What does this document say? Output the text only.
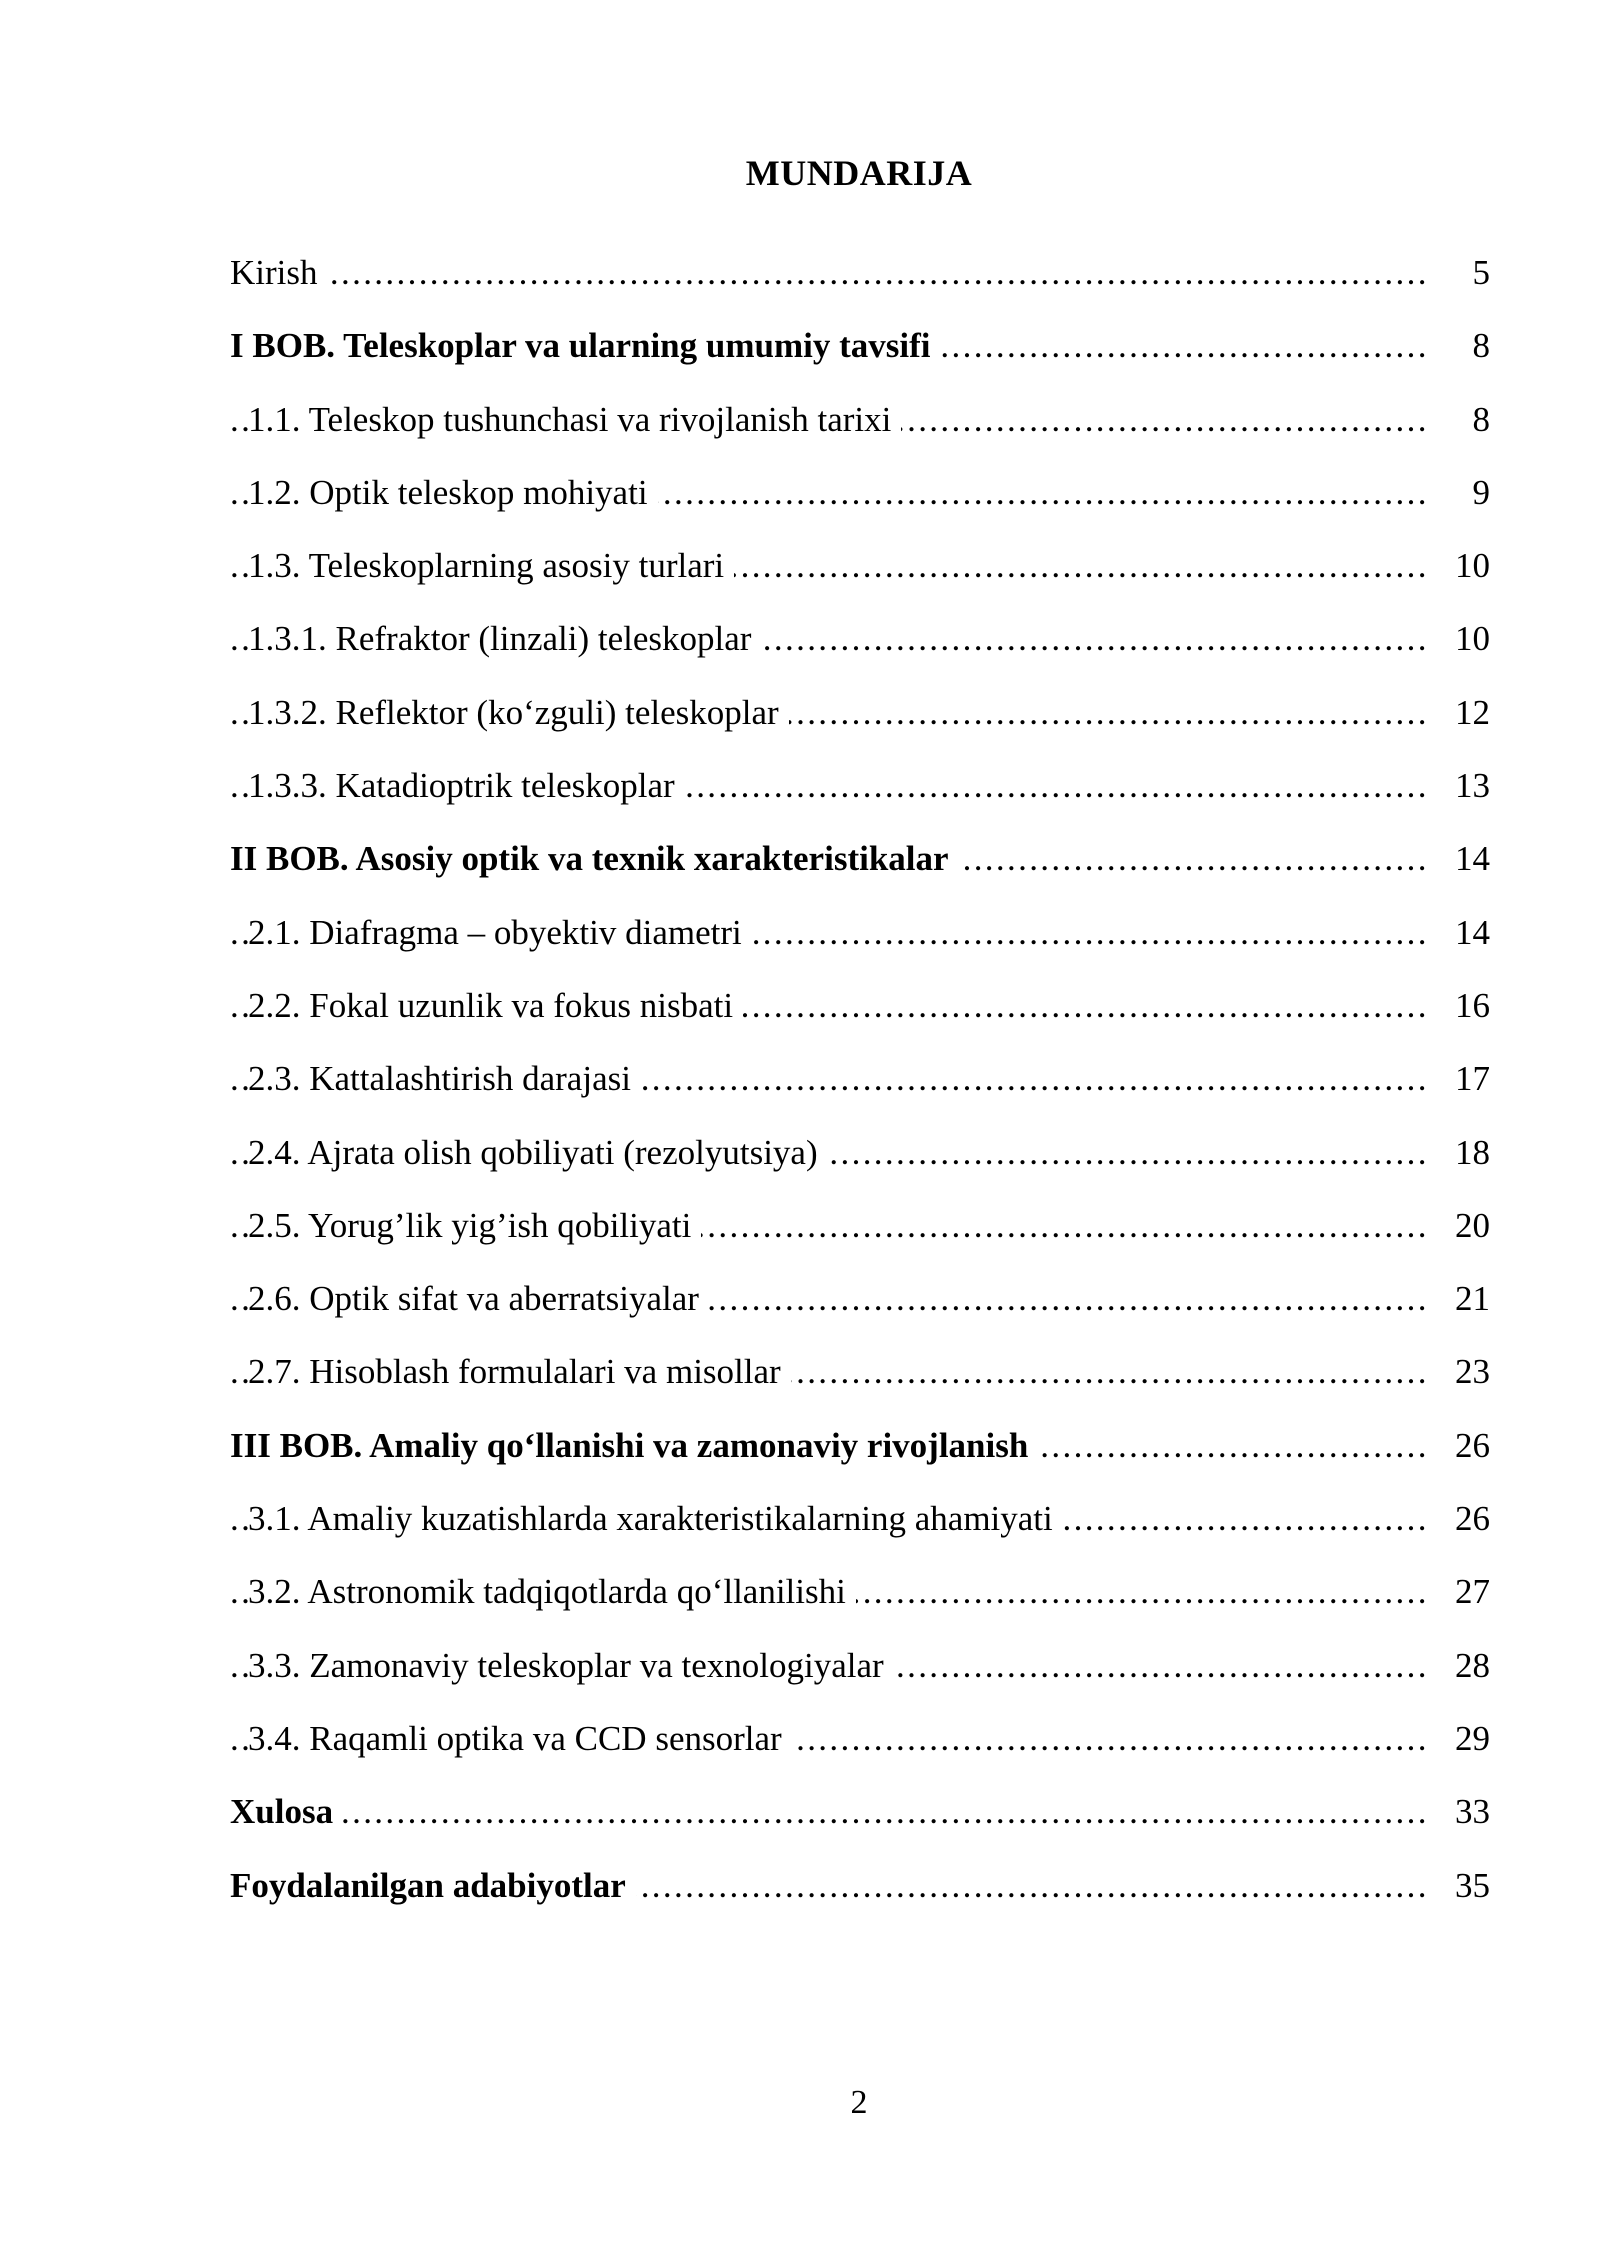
MUNDARIJA
. . .
Kirish	5
. . .
I BOB. Teleskoplar va ularning umumiy tavsifi	8
. . .
1.1. Teleskop tushunchasi va rivojlanish tarixi	8
. . .
1.2. Optik teleskop mohiyati	9
. . .
1.3. Teleskoplarning asosiy turlari	10
. . .
1.3.1. Refraktor (linzali) teleskoplar	10
. . .
1.3.2. Reflektor (ko‘zguli) teleskoplar	12
. . .
1.3.3. Katadioptrik teleskoplar	13
. . .
II BOB. Asosiy optik va texnik xarakteristikalar	14
. . .
2.1. Diafragma – obyektiv diametri	14
. . .
2.2. Fokal uzunlik va fokus nisbati	16
. . .
2.3. Kattalashtirish darajasi	17
. . .
2.4. Ajrata olish qobiliyati (rezolyutsiya)	18
. . .
2.5. Yorug’lik yig’ish qobiliyati	20
. . .
2.6. Optik sifat va aberratsiyalar	21
. . .
2.7. Hisoblash formulalari va misollar	23
. . .
III BOB. Amaliy qo‘llanishi va zamonaviy rivojlanish	26
. . .
3.1. Amaliy kuzatishlarda xarakteristikalarning ahamiyati	26
. . .
3.2. Astronomik tadqiqotlarda qo‘llanilishi	27
. . .
3.3. Zamonaviy teleskoplar va texnologiyalar	28
. . .
3.4. Raqamli optika va CCD sensorlar	29
. . .
Xulosa	33
. . .
Foydalanilgan adabiyotlar	35
2
